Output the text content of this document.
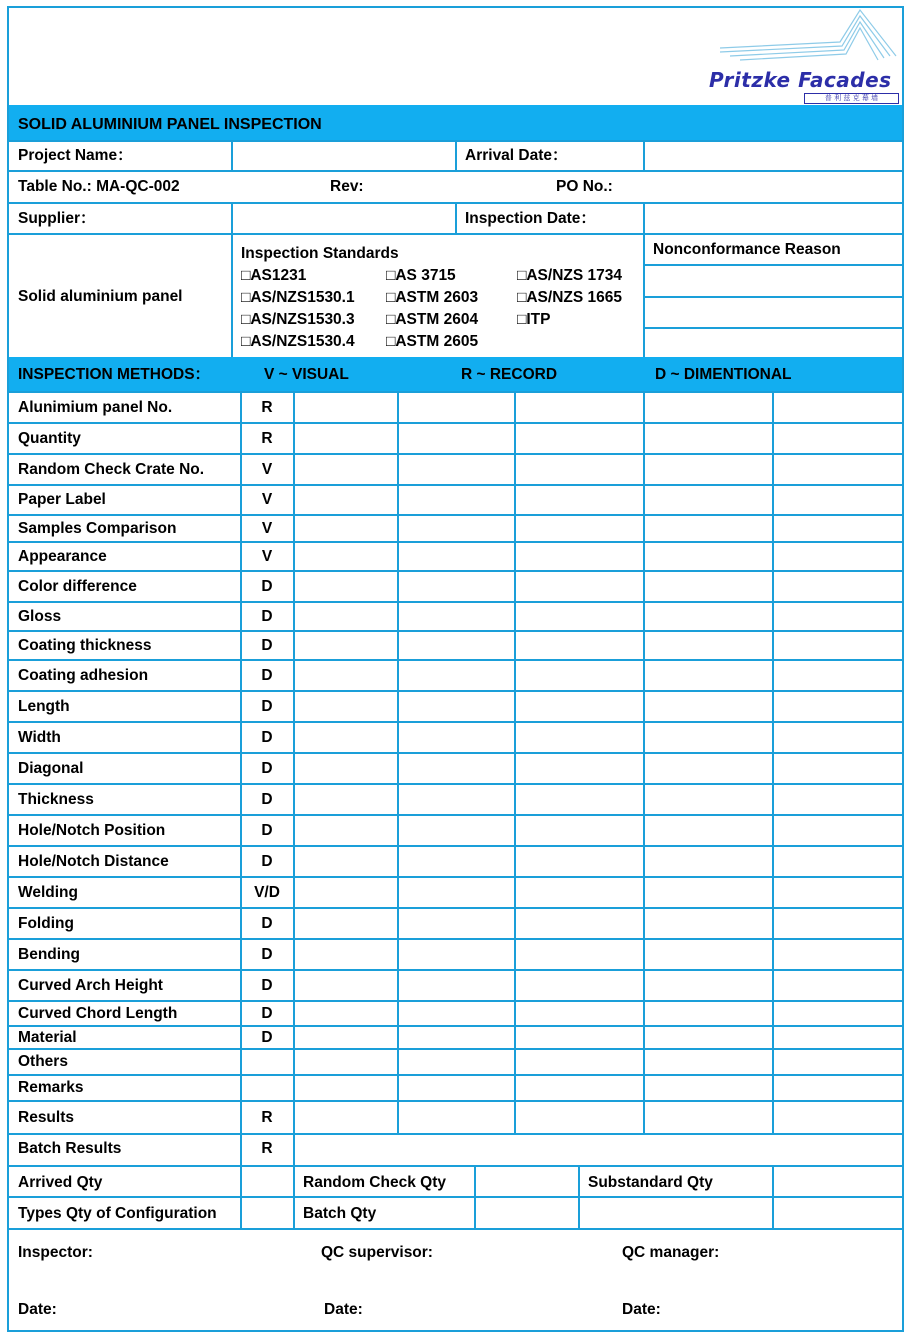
Pritzke Facades
普 利 兹 克 幕 墙
SOLID ALUMINIUM PANEL INSPECTION
Project Name：	Arrival Date：
Table No.: MA-QC-002	Rev:	PO No.:
Supplier：	Inspection Date：
Solid aluminium panel
Inspection Standards
□AS1231
□AS/NZS1530.1
□AS/NZS1530.3
□AS/NZS1530.4
□AS 3715
□ASTM 2603
□ASTM 2604
□ASTM 2605
□AS/NZS 1734
□AS/NZS 1665
□ITP
Nonconformance Reason
INSPECTION METHODS：	V ~ VISUAL	R ~ RECORD	D ~ DIMENTIONAL
Alunimium panel No.	R
Quantity	R
Random Check Crate No.	V
Paper Label	V
Samples Comparison	V
Appearance	V
Color difference	D
Gloss	D
Coating thickness	D
Coating adhesion	D
Length	D
Width	D
Diagonal	D
Thickness	D
Hole/Notch Position	D
Hole/Notch Distance	D
Welding	V/D
Folding	D
Bending	D
Curved Arch Height	D
Curved Chord Length	D
Material	D
Others
Remarks
Results	R
Batch Results	R
Arrived Qty	Random Check Qty	Substandard Qty
Types Qty of Configuration	Batch Qty
Inspector:	QC supervisor:	QC manager:
Date:	Date:	Date:
